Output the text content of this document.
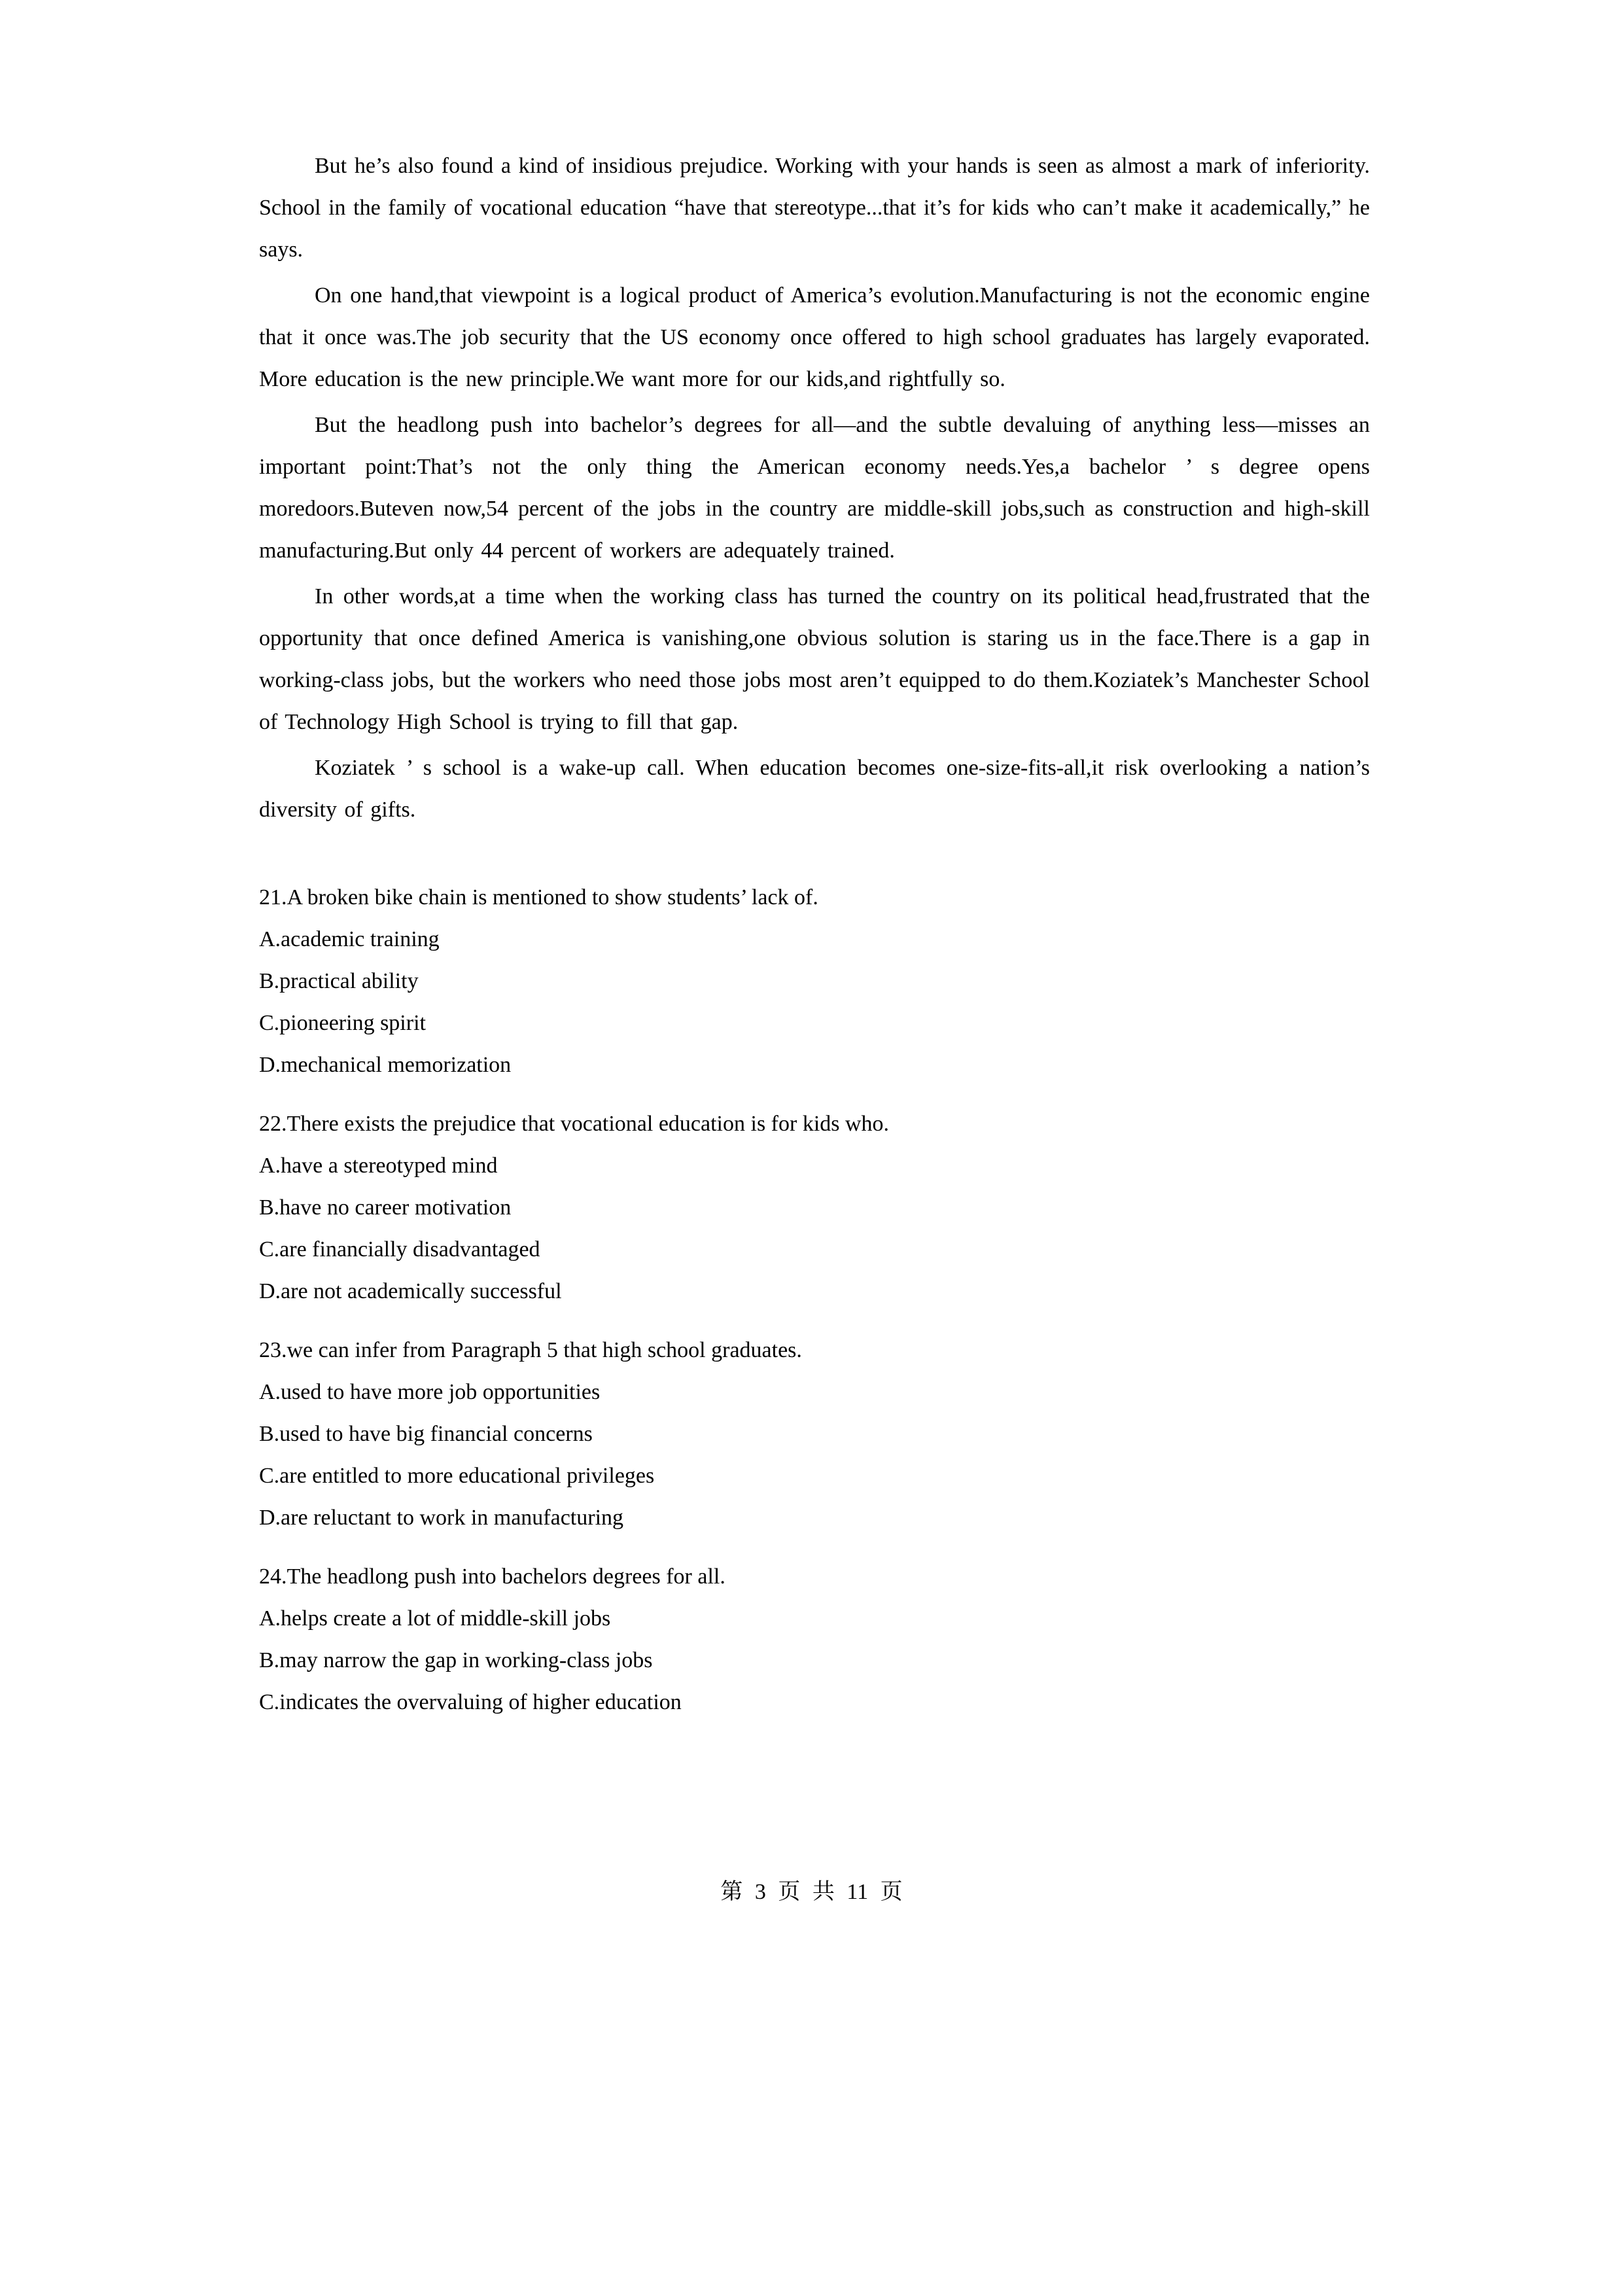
But he’s also found a kind of insidious prejudice. Working with your hands is seen as almost a mark of inferiority. School in the family of vocational education “have that stereotype...that it’s for kids who can’t make it academically,” he says.

On one hand,that viewpoint is a logical product of America’s evolution.Manufacturing is not the economic engine that it once was.The job security that the US economy once offered to high school graduates has largely evaporated. More education is the new principle.We want more for our kids,and rightfully so.

But the headlong push into bachelor’s degrees for all—and the subtle devaluing of anything less—misses an important point:That’s not the only thing the American economy needs.Yes,a bachelor ’ s degree opens moredoors.Buteven now,54 percent of the jobs in the country are middle-skill jobs,such as construction and high-skill manufacturing.But only 44 percent of workers are adequately trained.

In other words,at a time when the working class has turned the country on its political head,frustrated that the opportunity that once defined America is vanishing,one obvious solution is staring us in the face.There is a gap in working-class jobs, but the workers who need those jobs most aren’t equipped to do them.Koziatek’s Manchester School of Technology High School is trying to fill that gap.

Koziatek ’ s school is a wake-up call. When education becomes one-size-fits-all,it risk overlooking a nation’s diversity of gifts.

21.A broken bike chain is mentioned to show students’ lack of.

A.academic training

B.practical ability

C.pioneering spirit

D.mechanical memorization

22.There exists the prejudice that vocational education is for kids who.

A.have a stereotyped mind

B.have no career motivation

C.are financially disadvantaged

D.are not academically successful

23.we can infer from Paragraph 5 that high school graduates.

A.used to have more job opportunities

B.used to have big financial concerns

C.are entitled to more educational privileges

D.are reluctant to work in manufacturing

24.The headlong push into bachelors degrees for all.

A.helps create a lot of middle-skill jobs

B.may narrow the gap in working-class jobs

C.indicates the overvaluing of higher education

第 3 页 共 11 页
